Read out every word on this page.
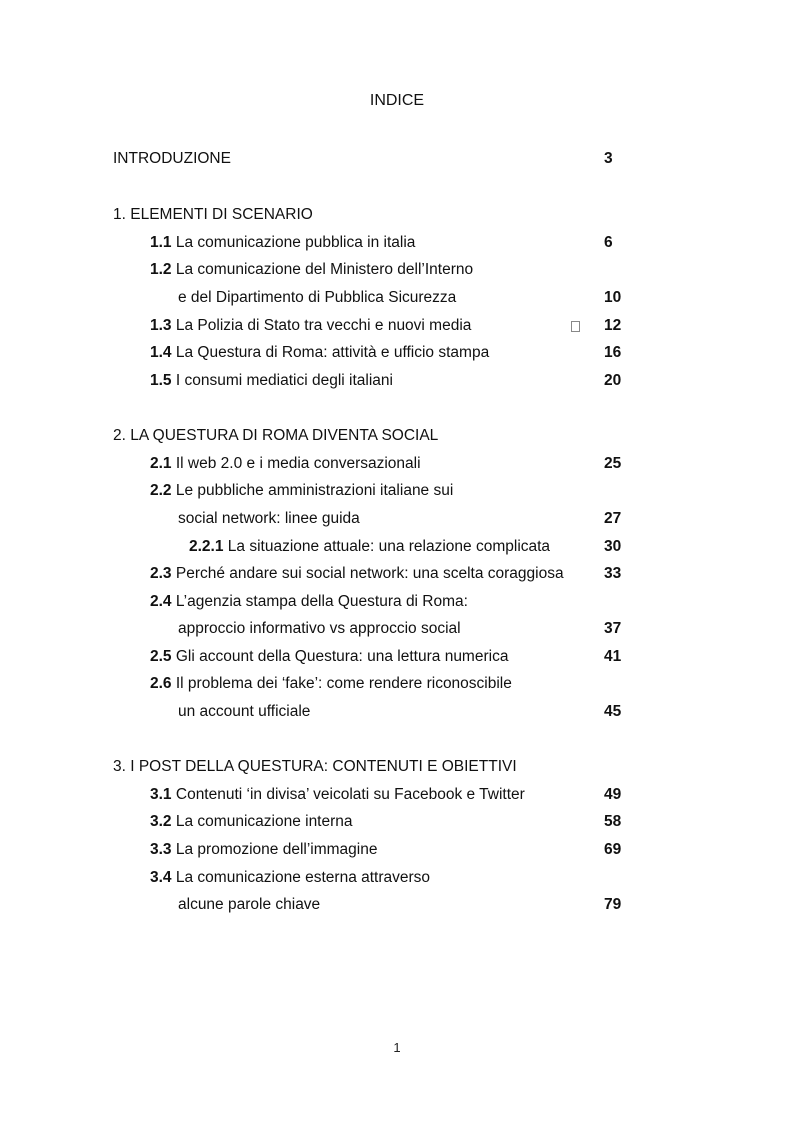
INDICE
INTRODUZIONE	3
1. ELEMENTI DI SCENARIO
1.1 La comunicazione pubblica in italia	6
1.2 La comunicazione del Ministero dell’Interno
e del Dipartimento di Pubblica Sicurezza	10
1.3 La Polizia di Stato tra vecchi e nuovi media	12
1.4 La Questura di Roma: attività e ufficio stampa	16
1.5 I consumi mediatici degli italiani	20
2. LA QUESTURA DI ROMA DIVENTA SOCIAL
2.1 Il web 2.0 e i media conversazionali	25
2.2 Le pubbliche amministrazioni italiane sui
social network: linee guida	27
2.2.1 La situazione attuale: una relazione complicata	30
2.3 Perché andare sui social network: una scelta coraggiosa	33
2.4 L’agenzia stampa della Questura di Roma:
approccio informativo vs approccio social	37
2.5 Gli account della Questura: una lettura numerica	41
2.6 Il problema dei ‘fake’: come rendere riconoscibile
un account ufficiale	45
3. I POST DELLA QUESTURA: CONTENUTI E OBIETTIVI
3.1 Contenuti ‘in divisa’ veicolati su Facebook e Twitter	49
3.2 La comunicazione interna	58
3.3 La promozione dell’immagine	69
3.4 La comunicazione esterna attraverso
alcune parole chiave	79
1
